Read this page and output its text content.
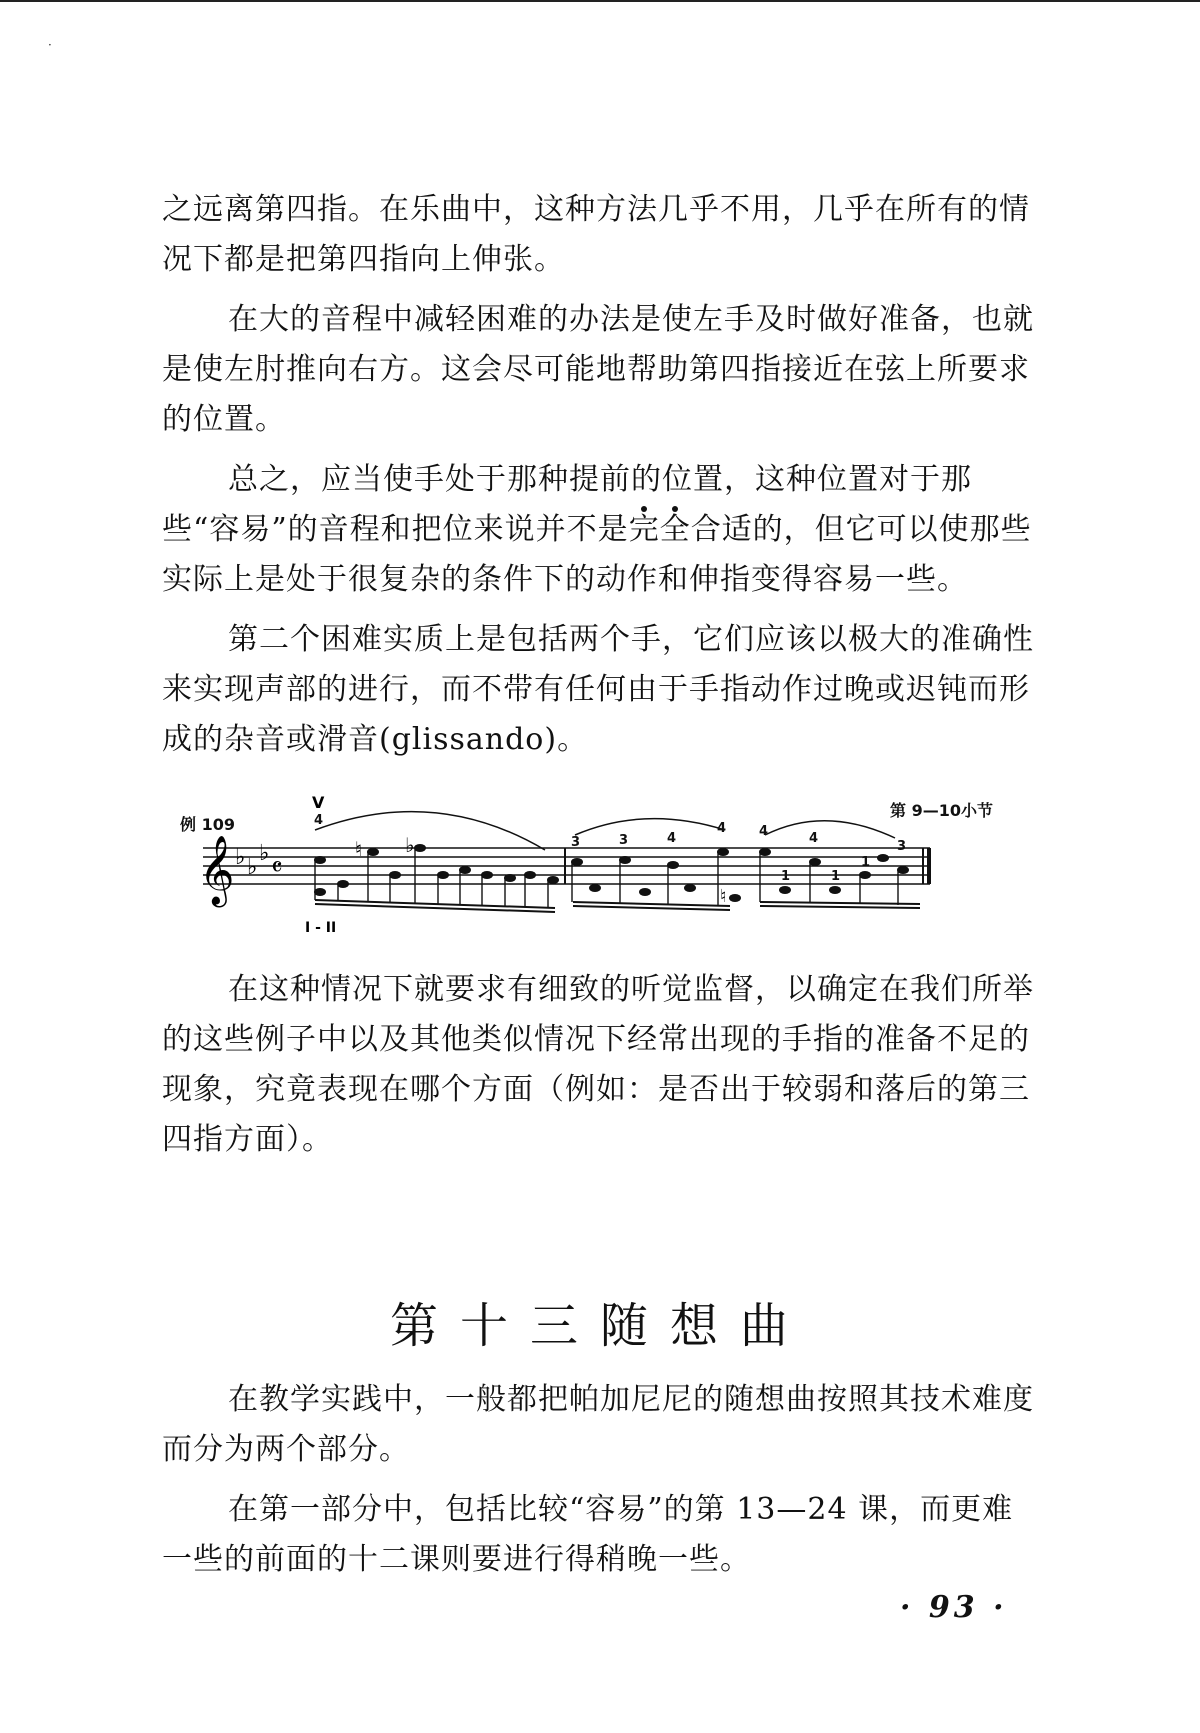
·

之远离第四指。在乐曲中，这种方法几乎不用，几乎在所有的情况下都是把第四指向上伸张。

在大的音程中减轻困难的办法是使左手及时做好准备，也就是使左肘推向右方。这会尽可能地帮助第四指接近在弦上所要求的位置。

总之，应当使手处于那种提前的位置，这种位置对于那些“容易”的音程和把位来说并不是
完全合适的，但它可以使那些实际上是处于很复杂的条件下的动作和伸指变得容易一些。

第二个困难实质上是包括两个手，它们应该以极大的准确性来实现声部的进行，而不带有任何由于手指动作过晚或迟钝而形成的杂音或滑音(glissando)。

例 109
第 9—10小节
𝄞 ♭ ♭
♭ 𝄴
♮ ♭
♮
V
4
3	3	4
4	4
1
4
1
1
3
I - II

在这种情况下就要求有细致的听觉监督，以确定在我们所举的这些例子中以及其他类似情况下经常出现的手指的准备不足的现象，究竟表现在哪个方面（例如：是否出于较弱和落后的第三四指方面）。

第十三随想曲

在教学实践中，一般都把帕加尼尼的随想曲按照其技术难度而分为两个部分。

在第一部分中，包括比较“容易”的第 13—24 课，而更难一些的前面的十二课则要进行得稍晚一些。

· 93 ·
